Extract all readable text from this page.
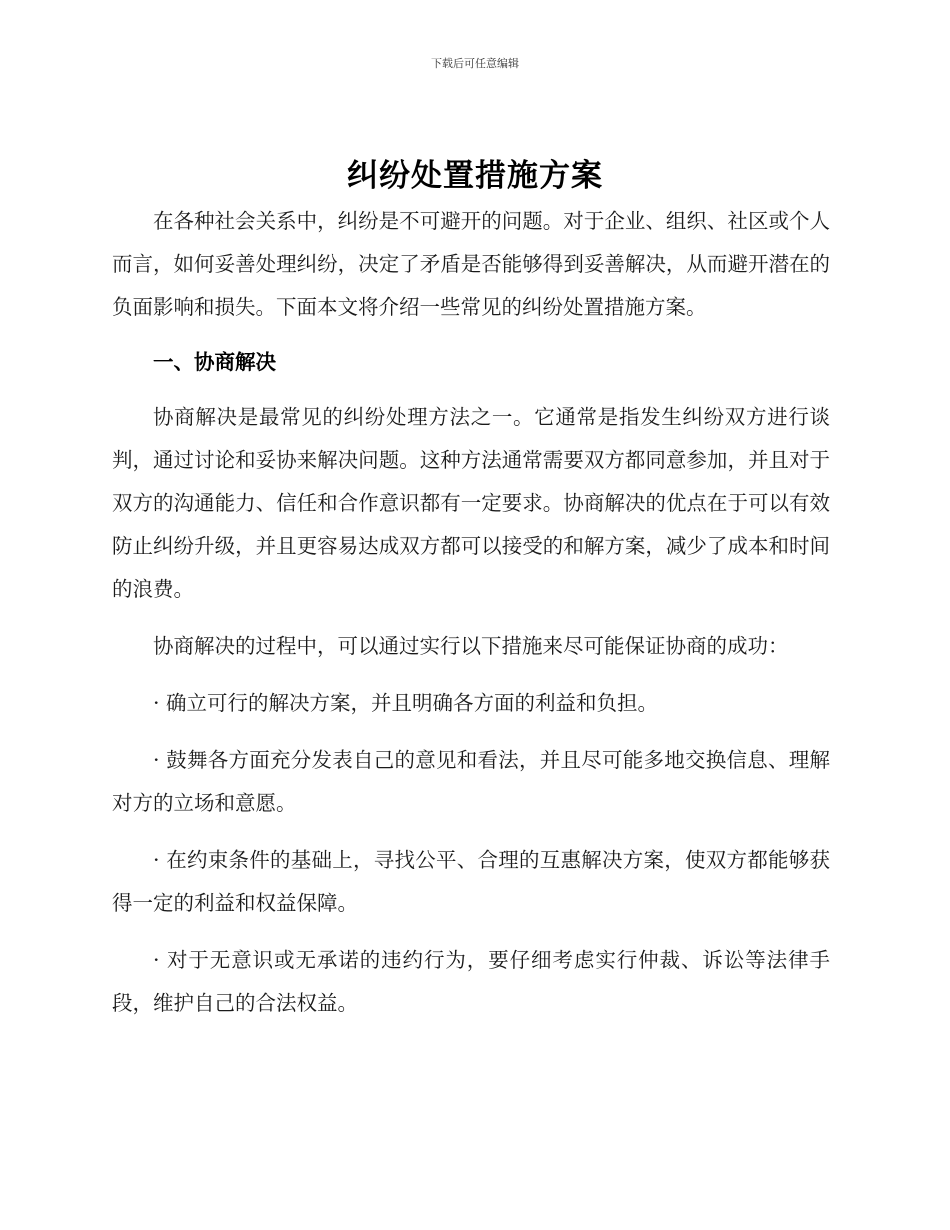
下载后可任意编辑
纠纷处置措施方案

在各种社会关系中，纠纷是不可避开的问题。对于企业、组织、社区或个人而言，如何妥善处理纠纷，决定了矛盾是否能够得到妥善解决，从而避开潜在的负面影响和损失。下面本文将介绍一些常见的纠纷处置措施方案。

一、协商解决

协商解决是最常见的纠纷处理方法之一。它通常是指发生纠纷双方进行谈判，通过讨论和妥协来解决问题。这种方法通常需要双方都同意参加，并且对于双方的沟通能力、信任和合作意识都有一定要求。协商解决的优点在于可以有效防止纠纷升级，并且更容易达成双方都可以接受的和解方案，减少了成本和时间的浪费。

协商解决的过程中，可以通过实行以下措施来尽可能保证协商的成功：

· 确立可行的解决方案，并且明确各方面的利益和负担。

· 鼓舞各方面充分发表自己的意见和看法，并且尽可能多地交换信息、理解对方的立场和意愿。

· 在约束条件的基础上，寻找公平、合理的互惠解决方案，使双方都能够获得一定的利益和权益保障。

· 对于无意识或无承诺的违约行为，要仔细考虑实行仲裁、诉讼等法律手段，维护自己的合法权益。
